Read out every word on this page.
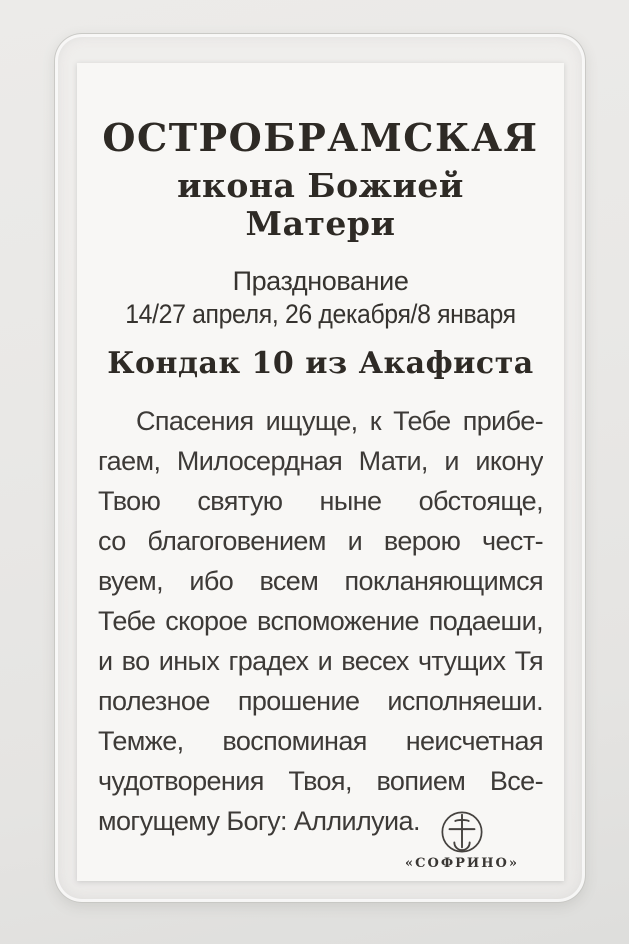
ОСТРОБРАМСКАЯ
икона Божией Матери
Празднование
14/27 апреля, 26 декабря/8 января
Кондак 10 из Акафиста
Спасения ищуще, к Тебе прибе-
гаем, Милосердная Мати, и икону
Твою святую ныне обстояще,
со благоговением и верою чест-
вуем, ибо всем покланяющимся
Тебе скорое вспоможение подаеши,
и во иных градех и весех чтущих Тя
полезное прошение исполняеши.
Темже, воспоминая неисчетная
чудотворения Твоя, вопием Все-
могущему Богу: Аллилуиа.
«СОФРИНО»
